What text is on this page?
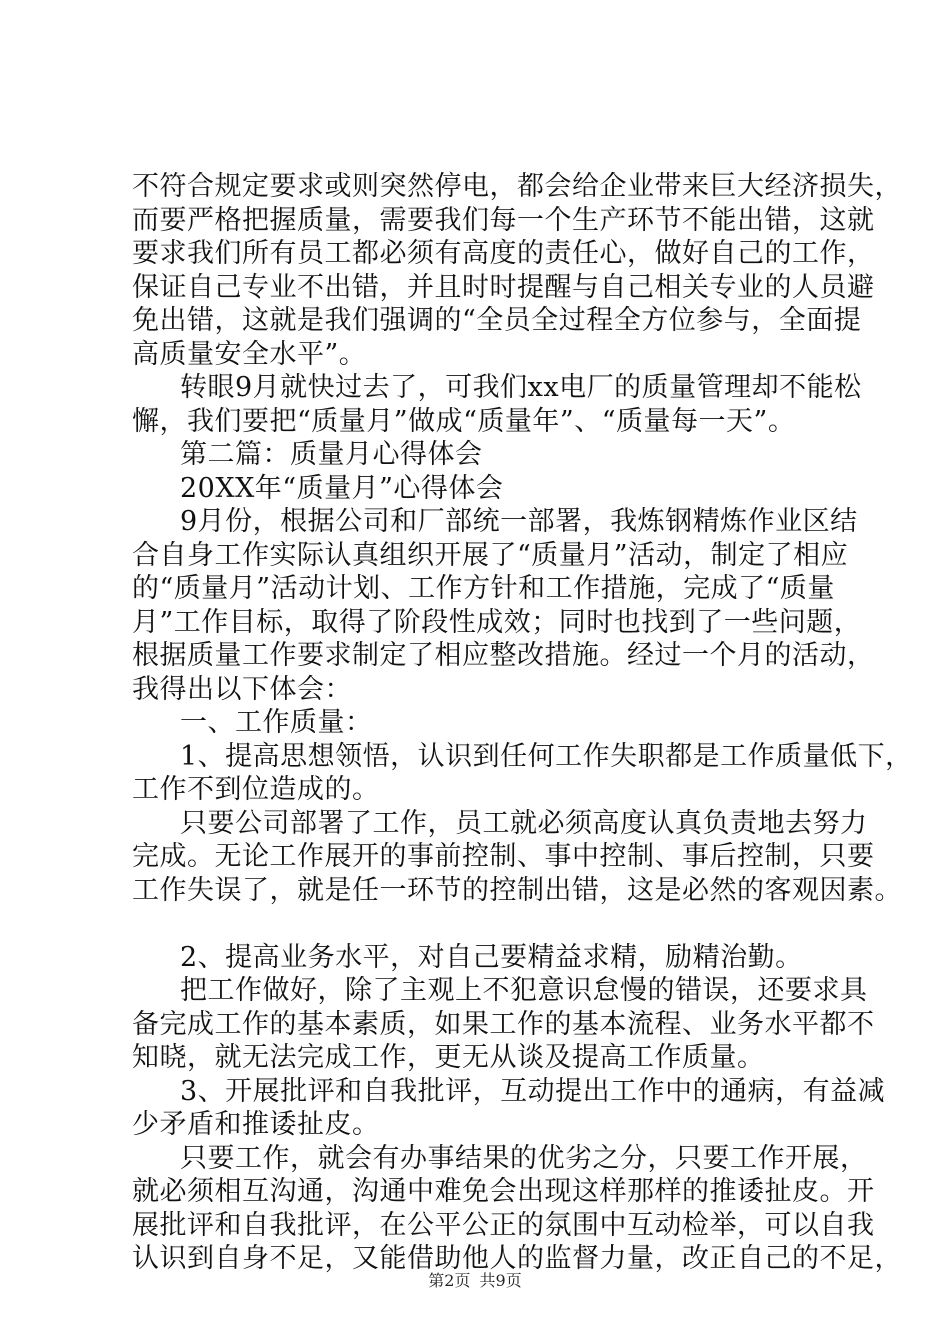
不符合规定要求或则突然停电，都会给企业带来巨大经济损失，
而要严格把握质量，需要我们每一个生产环节不能出错，这就
要求我们所有员工都必须有高度的责任心，做好自己的工作，
保证自己专业不出错，并且时时提醒与自己相关专业的人员避
免出错，这就是我们强调的“全员全过程全方位参与，全面提
高质量安全水平”。
转眼9月就快过去了，可我们xx电厂的质量管理却不能松
懈，我们要把“质量月”做成“质量年”、“质量每一天”。
第二篇：质量月心得体会
20XX年“质量月”心得体会
9月份，根据公司和厂部统一部署，我炼钢精炼作业区结
合自身工作实际认真组织开展了“质量月”活动，制定了相应
的“质量月”活动计划、工作方针和工作措施，完成了“质量
月”工作目标，取得了阶段性成效；同时也找到了一些问题，
根据质量工作要求制定了相应整改措施。经过一个月的活动，
我得出以下体会：
一、工作质量：
1、提高思想领悟，认识到任何工作失职都是工作质量低下，
工作不到位造成的。
只要公司部署了工作，员工就必须高度认真负责地去努力
完成。无论工作展开的事前控制、事中控制、事后控制，只要
工作失误了，就是任一环节的控制出错，这是必然的客观因素。
2、提高业务水平，对自己要精益求精，励精治勤。
把工作做好，除了主观上不犯意识怠慢的错误，还要求具
备完成工作的基本素质，如果工作的基本流程、业务水平都不
知晓，就无法完成工作，更无从谈及提高工作质量。
3、开展批评和自我批评，互动提出工作中的通病，有益减
少矛盾和推诿扯皮。
只要工作，就会有办事结果的优劣之分，只要工作开展，
就必须相互沟通，沟通中难免会出现这样那样的推诿扯皮。开
展批评和自我批评，在公平公正的氛围中互动检举，可以自我
认识到自身不足，又能借助他人的监督力量，改正自己的不足，
第2页 共9页
